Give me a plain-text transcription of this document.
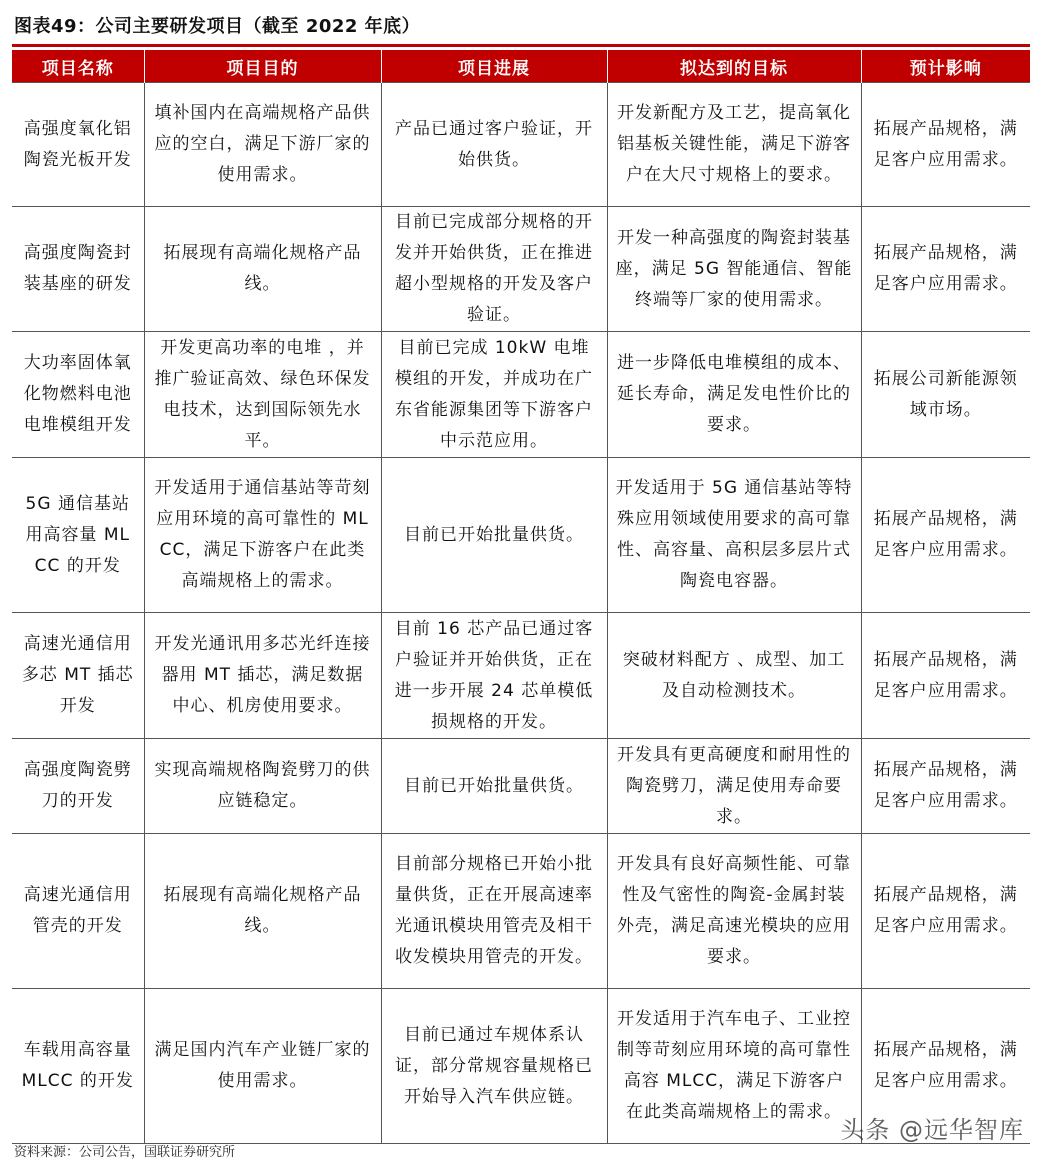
图表49：公司主要研发项目（截至 2022 年底）
项目名称	项目目的	项目进展	拟达到的目标	预计影响
高强度氧化铝陶瓷光板开发	填补国内在高端规格产品供应的空白，满足下游厂家的使用需求。	产品已通过客户验证，开始供货。	开发新配方及工艺，提高氧化铝基板关键性能，满足下游客户在大尺寸规格上的要求。	拓展产品规格，满足客户应用需求。
高强度陶瓷封装基座的研发	拓展现有高端化规格产品线。	目前已完成部分规格的开发并开始供货，正在推进超小型规格的开发及客户验证。	开发一种高强度的陶瓷封装基座，满足 5G 智能通信、智能终端等厂家的使用需求。	拓展产品规格，满足客户应用需求。
大功率固体氧化物燃料电池电堆模组开发	开发更高功率的电堆 ，并推广验证高效、绿色环保发电技术，达到国际领先水平。	目前已完成 10kW 电堆模组的开发，并成功在广东省能源集团等下游客户中示范应用。	进一步降低电堆模组的成本、延长寿命，满足发电性价比的要求。	拓展公司新能源领域市场。
5G 通信基站用高容量 MLCC 的开发	开发适用于通信基站等苛刻应用环境的高可靠性的 MLCC，满足下游客户在此类高端规格上的需求。	目前已开始批量供货。	开发适用于 5G 通信基站等特殊应用领域使用要求的高可靠性、高容量、高积层多层片式陶瓷电容器。	拓展产品规格，满足客户应用需求。
高速光通信用多芯 MT 插芯开发	开发光通讯用多芯光纤连接器用 MT 插芯，满足数据中心、机房使用要求。	目前 16 芯产品已通过客户验证并开始供货，正在进一步开展 24 芯单模低损规格的开发。	突破材料配方 、成型、加工及自动检测技术。	拓展产品规格，满足客户应用需求。
高强度陶瓷劈刀的开发	实现高端规格陶瓷劈刀的供应链稳定。	目前已开始批量供货。	开发具有更高硬度和耐用性的陶瓷劈刀，满足使用寿命要求。	拓展产品规格，满足客户应用需求。
高速光通信用管壳的开发	拓展现有高端化规格产品线。	目前部分规格已开始小批量供货，正在开展高速率光通讯模块用管壳及相干收发模块用管壳的开发。	开发具有良好高频性能、可靠性及气密性的陶瓷-金属封装外壳，满足高速光模块的应用要求。	拓展产品规格，满足客户应用需求。
车载用高容量 MLCC 的开发	满足国内汽车产业链厂家的使用需求。	目前已通过车规体系认证，部分常规容量规格已开始导入汽车供应链。	开发适用于汽车电子、工业控制等苛刻应用环境的高可靠性高容 MLCC，满足下游客户在此类高端规格上的需求。	拓展产品规格，满足客户应用需求。
资料来源：公司公告，国联证券研究所
头条 @远华智库
